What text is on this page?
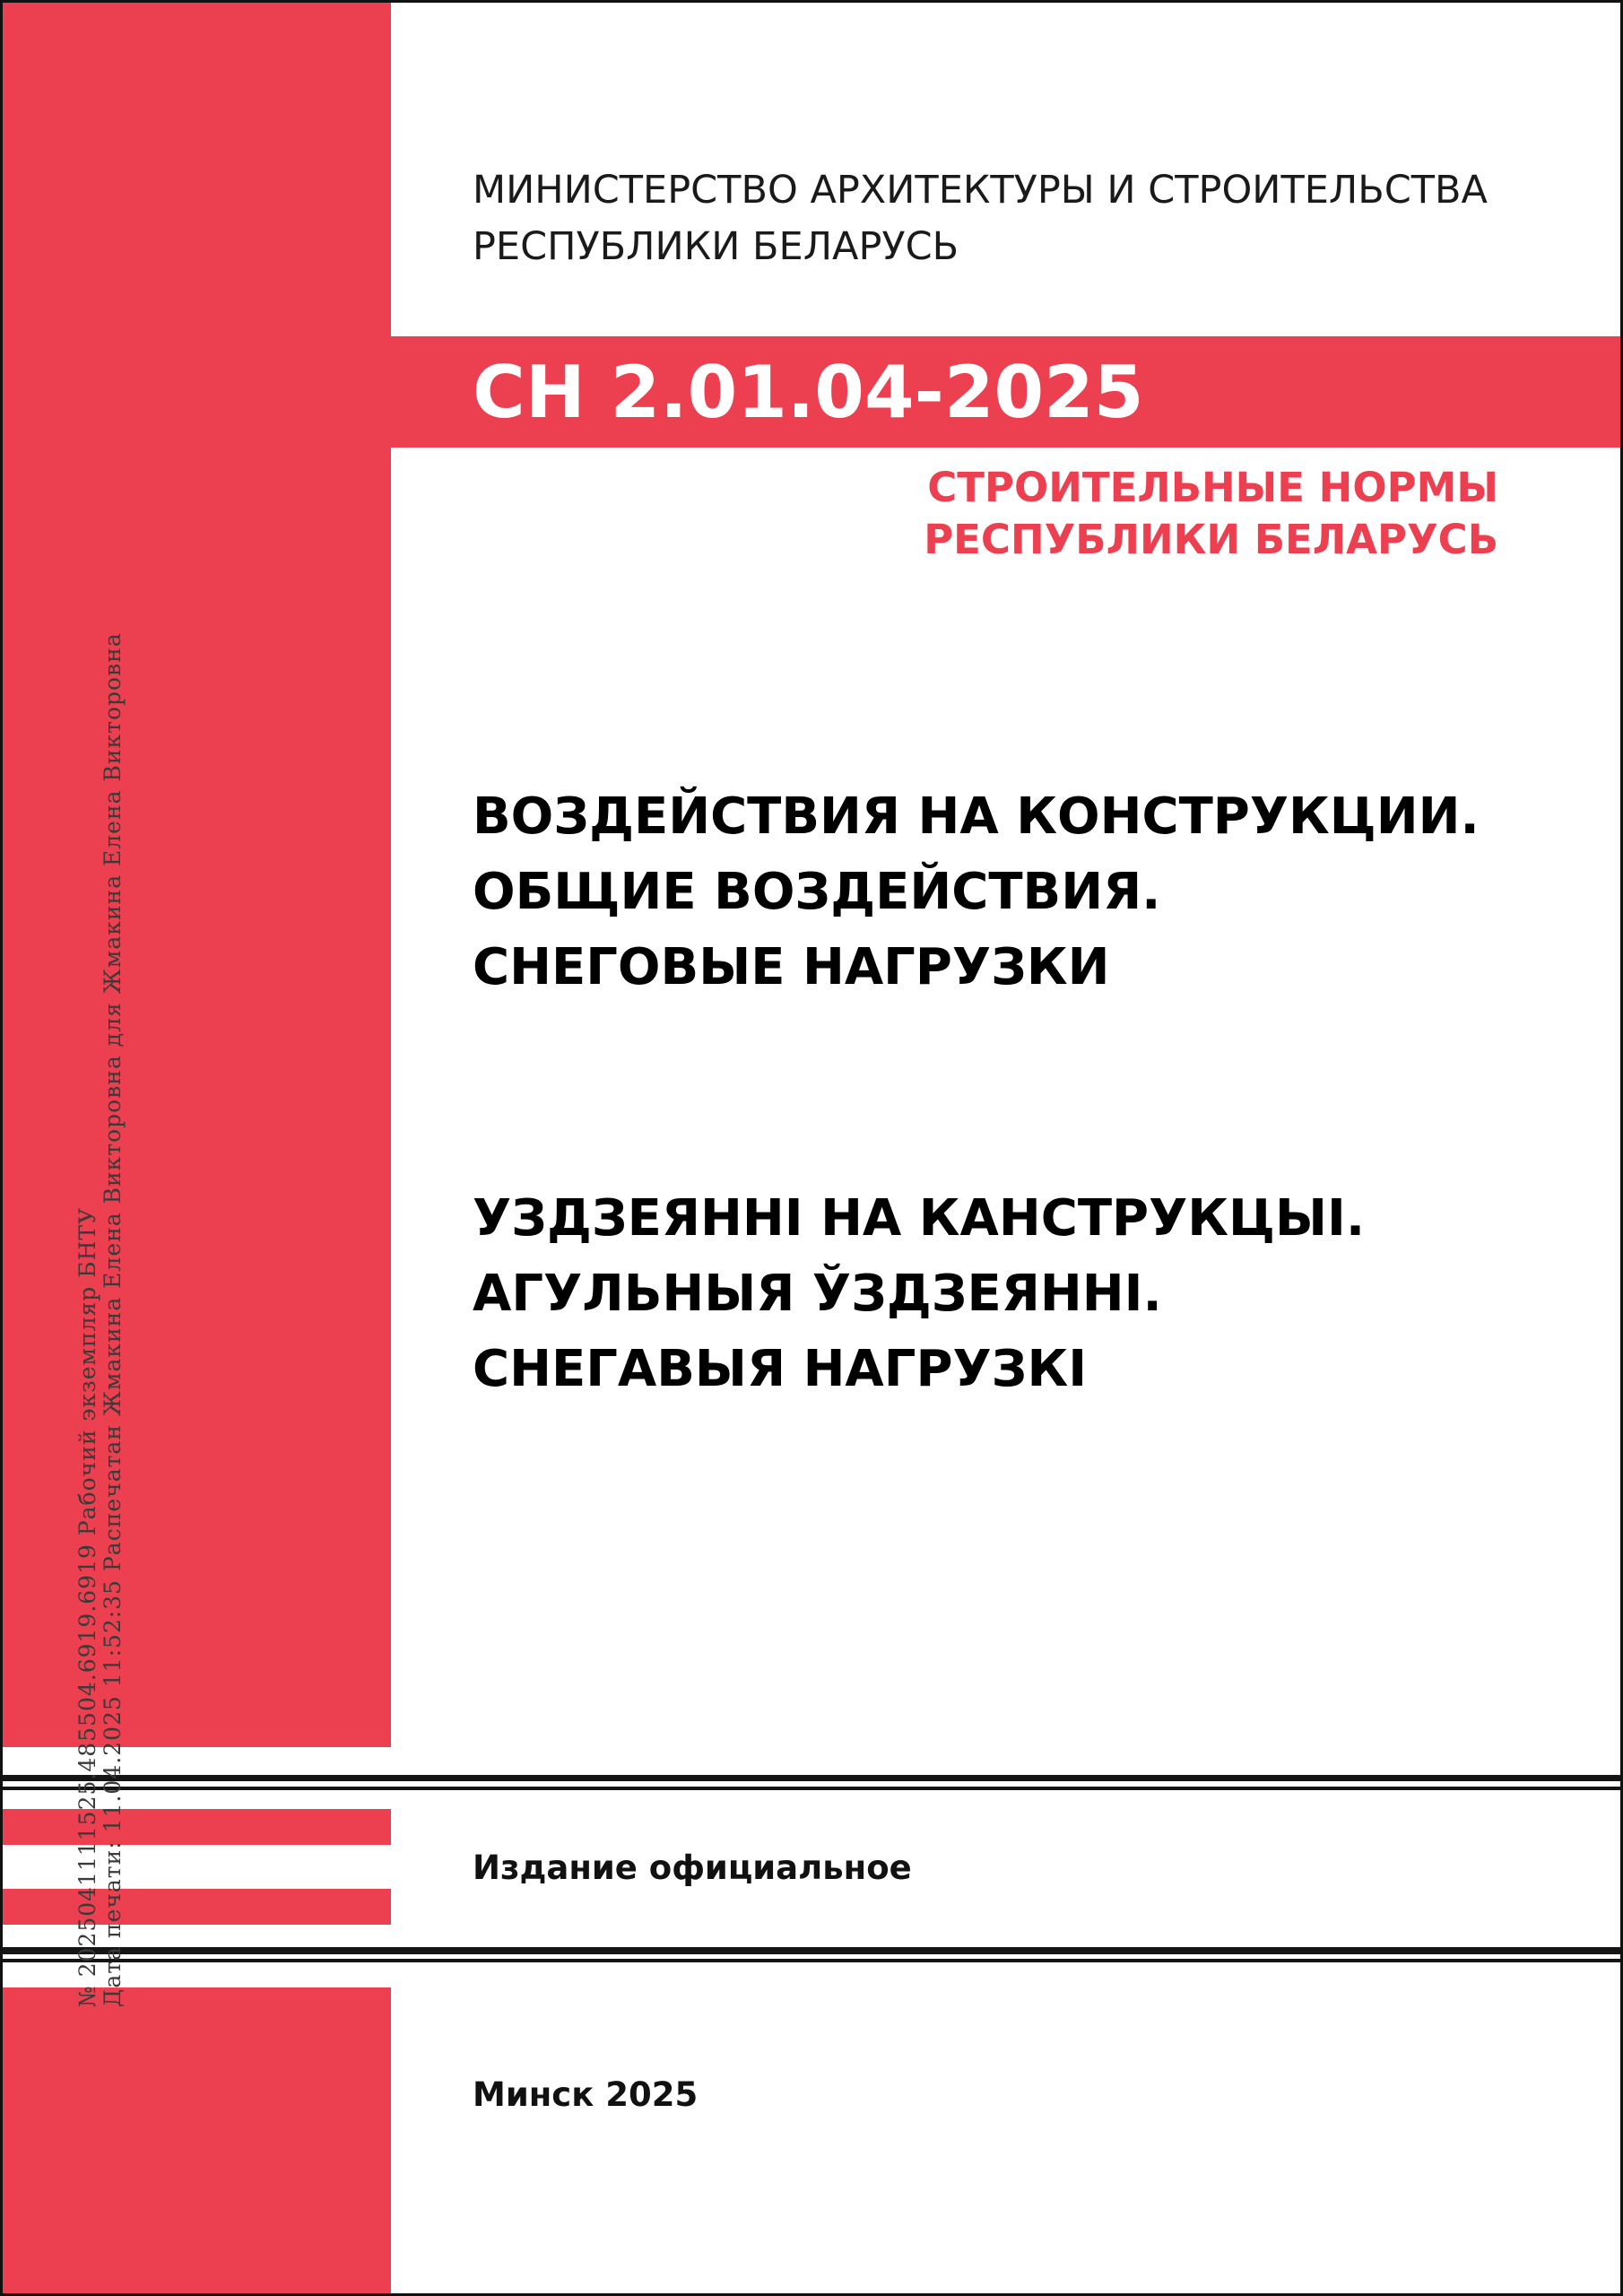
МИНИСТЕРСТВО АРХИТЕКТУРЫ И СТРОИТЕЛЬСТВА
РЕСПУБЛИКИ БЕЛАРУСЬ
СН 2.01.04-2025
СТРОИТЕЛЬНЫЕ НОРМЫ
РЕСПУБЛИКИ БЕЛАРУСЬ
ВОЗДЕЙСТВИЯ НА КОНСТРУКЦИИ.
ОБЩИЕ ВОЗДЕЙСТВИЯ.
СНЕГОВЫЕ НАГРУЗКИ
УЗДЗЕЯННІ НА КАНСТРУКЦЫІ.
АГУЛЬНЫЯ ЎЗДЗЕЯННІ.
СНЕГАВЫЯ НАГРУЗКІ
Издание официальное
Минск 2025
№ 2025041111525.485504.6919.6919 Рабочий экземпляр БНТУ Дата печати: 11.04.2025 11:52:35 Распечатан Жмакина Елена Викторовна для Жмакина Елена Викторовна
